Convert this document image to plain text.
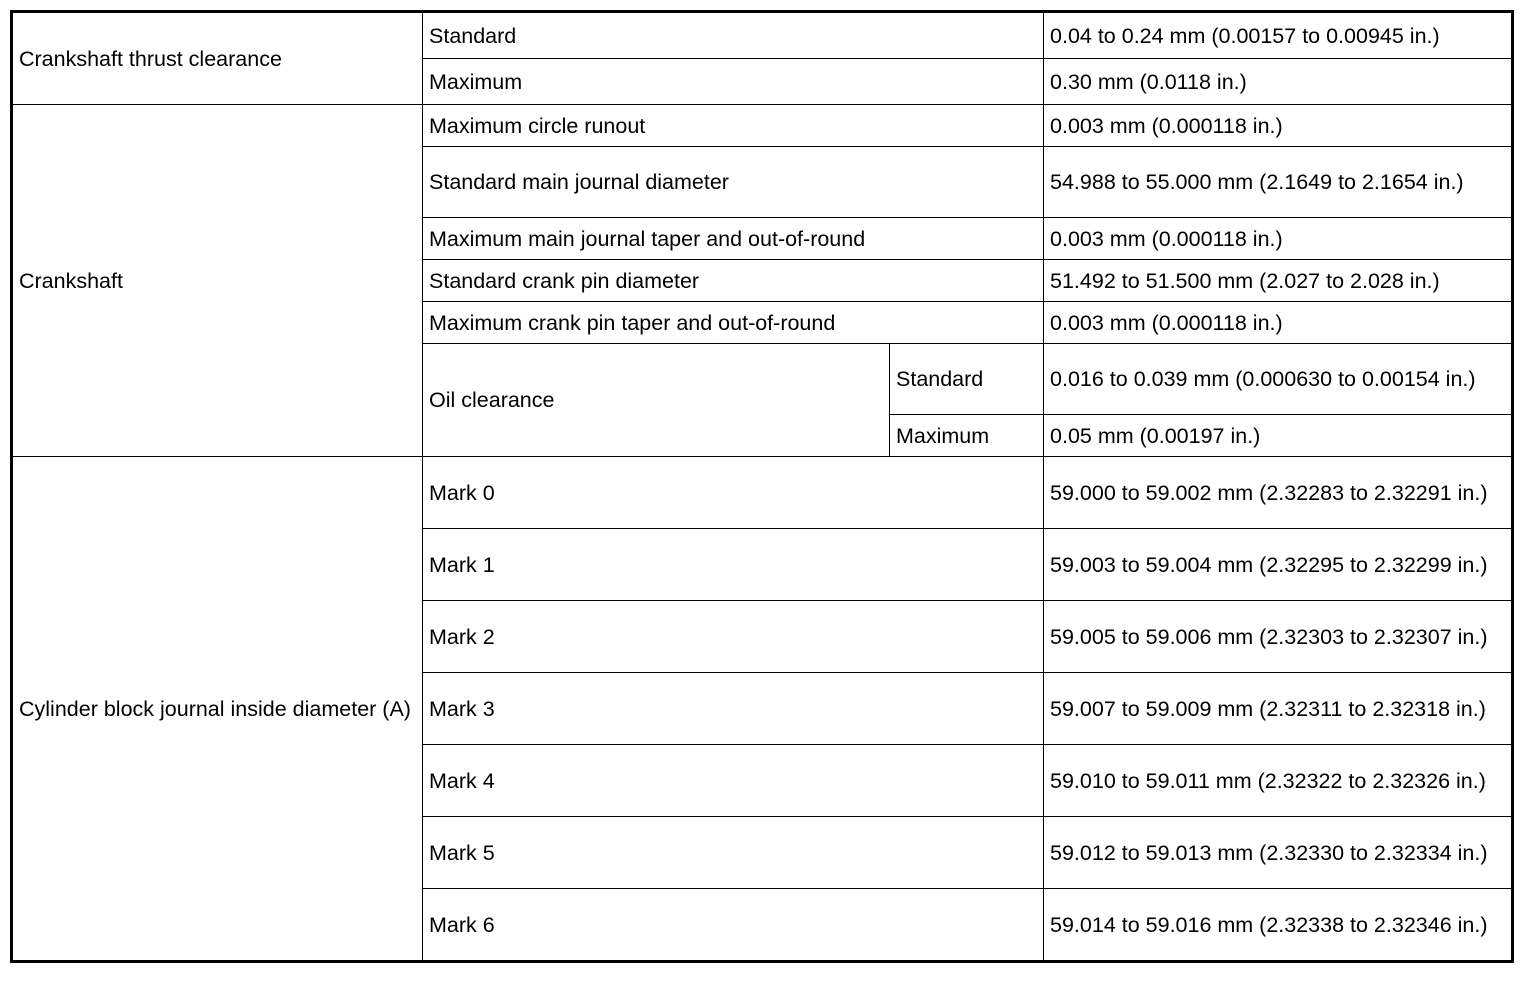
Crankshaft thrust clearance	Standard		0.04 to 0.24 mm (0.00157 to 0.00945 in.)
	Maximum		0.30 mm (0.0118 in.)
Crankshaft	Maximum circle runout		0.003 mm (0.000118 in.)
	Standard main journal diameter		54.988 to 55.000 mm (2.1649 to 2.1654 in.)
	Maximum main journal taper and out-of-round		0.003 mm (0.000118 in.)
	Standard crank pin diameter		51.492 to 51.500 mm (2.027 to 2.028 in.)
	Maximum crank pin taper and out-of-round		0.003 mm (0.000118 in.)
	Oil clearance	Standard	0.016 to 0.039 mm (0.000630 to 0.00154 in.)
		Maximum	0.05 mm (0.00197 in.)
Cylinder block journal inside diameter (A)	Mark 0		59.000 to 59.002 mm (2.32283 to 2.32291 in.)
	Mark 1		59.003 to 59.004 mm (2.32295 to 2.32299 in.)
	Mark 2		59.005 to 59.006 mm (2.32303 to 2.32307 in.)
	Mark 3		59.007 to 59.009 mm (2.32311 to 2.32318 in.)
	Mark 4		59.010 to 59.011 mm (2.32322 to 2.32326 in.)
	Mark 5		59.012 to 59.013 mm (2.32330 to 2.32334 in.)
	Mark 6		59.014 to 59.016 mm (2.32338 to 2.32346 in.)
